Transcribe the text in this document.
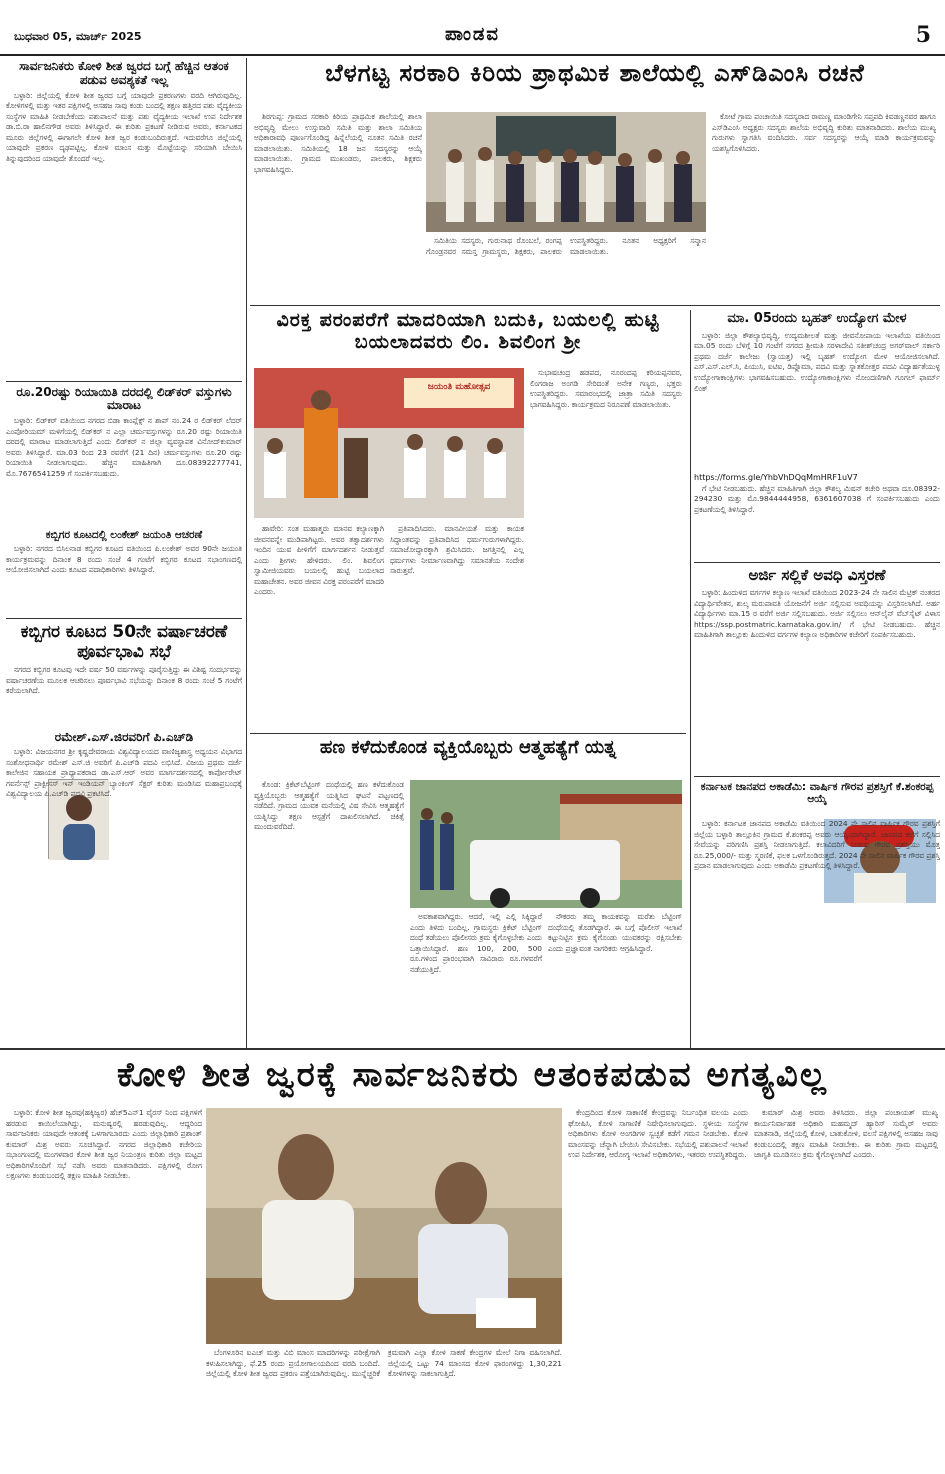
ಬುಧವಾರ 05, ಮಾರ್ಚ್ 2025	ಪಾಂಡವ	5
ಸಾರ್ವಜನಿಕರು ಕೋಳಿ ಶೀತ ಜ್ವರದ ಬಗ್ಗೆ ಹೆಚ್ಚಿನ ಆತಂಕ ಪಡುವ ಅವಶ್ಯಕತೆ ಇಲ್ಲ

ಬಳ್ಳಾರಿ: ಜಿಲ್ಲೆಯಲ್ಲಿ ಕೋಳಿ ಶೀತ ಜ್ವರದ ಬಗ್ಗೆ ಯಾವುದೇ ಪ್ರಕರಣಗಳು ವರದಿ ಆಗಿರುವುದಿಲ್ಲ. ಕೋಳಿಗಳಲ್ಲಿ ಮತ್ತು ಇತರ ಪಕ್ಷಿಗಳಲ್ಲಿ ಅಸಹಜ ಸಾವು ಕಂಡು ಬಂದಲ್ಲಿ ತಕ್ಷಣ ಹತ್ತಿರದ ಪಶು ವೈದ್ಯಕೀಯ ಸಂಸ್ಥೆಗಳ ಮಾಹಿತಿ ನೀಡಬೇಕೆಂದು ಪಶುಪಾಲನೆ ಮತ್ತು ಪಶು ವೈದ್ಯಕೀಯ ಇಲಾಖೆ ಉಪ ನಿರ್ದೇಶಕ ಡಾ.ಬಿ.ರಾ ಹಾಲಿನಗೌಡ ಅವರು ತಿಳಿಸಿದ್ದಾರೆ. ಈ ಕುರಿತು ಪ್ರಕಟಣೆ ನೀಡಿರುವ ಅವರು, ಕರ್ನಾಟಕದ ಮೂರು ಜಿಲ್ಲೆಗಳಲ್ಲಿ ಈಗಾಗಲೇ ಕೋಳಿ ಶೀತ ಜ್ವರ ಕಂಡುಬಂದಿರುತ್ತದೆ. ಇದುವರೆಗೂ ಜಿಲ್ಲೆಯಲ್ಲಿ ಯಾವುದೇ ಪ್ರಕರಣ ದೃಢಪಟ್ಟಿಲ್ಲ. ಕೋಳಿ ಮಾಂಸ ಮತ್ತು ಮೊಟ್ಟೆಯನ್ನು ಸರಿಯಾಗಿ ಬೇಯಿಸಿ ತಿನ್ನುವುದರಿಂದ ಯಾವುದೇ ತೊಂದರೆ ಇಲ್ಲ.

ರೂ.20ರಷ್ಟು ರಿಯಾಯಿತಿ ದರದಲ್ಲಿ ಲಿಡ್‌ಕರ್ ವಸ್ತುಗಳು ಮಾರಾಟ

ಬಳ್ಳಾರಿ: ಲಿಡ್‌ಕರ್ ವತಿಯಿಂದ ನಗರದ ಬಿಡಾ ಕಾಂಪ್ಲೆಕ್ಸ್ ನ ಶಾಪ್ ನಂ.24 ರ ಲಿಡ್‌ಕರ್ ಲೆದರ್ ಎಂಪೋರಿಯಮ್ ಮಳಿಗೆಯಲ್ಲಿ ಲಿಡ್‌ಕರ್ ನ ಎಲ್ಲಾ ಚರ್ಮವಸ್ತುಗಳನ್ನು ರೂ.20 ರಷ್ಟು ರಿಯಾಯಿತಿ ದರದಲ್ಲಿ ಮಾರಾಟ ಮಾಡಲಾಗುತ್ತಿದೆ ಎಂದು ಲಿಡ್‌ಕರ್ ನ ಜಿಲ್ಲಾ ವ್ಯವಸ್ಥಾಪಕ ವಿನೋದ್‌ಕುಮಾರ್ ಅವರು ತಿಳಿಸಿದ್ದಾರೆ. ಮಾ.03 ರಿಂದ 23 ರವರೆಗೆ (21 ದಿನ) ಚರ್ಮವಸ್ತುಗಳು ರೂ.20 ರಷ್ಟು ರಿಯಾಯಿತಿ ನೀಡಲಾಗುವುದು. ಹೆಚ್ಚಿನ ಮಾಹಿತಿಗಾಗಿ ದೂ.08392277741, ಮೊ.7676541259 ಗೆ ಸಂಪರ್ಕಿಸಬಹುದು.

ಕಬ್ಬಿಗರ ಕೂಟದಲ್ಲಿ ಲಂಕೇಶ್ ಜಯಂತಿ ಆಚರಣೆ

ಬಳ್ಳಾರಿ: ನಗರದ ಬಿಸಿಲನಾಡ ಕಬ್ಬಿಗರ ಕೂಟದ ವತಿಯಿಂದ ಪಿ.ಲಂಕೇಶ್ ಅವರ 90ನೇ ಜಯಂತಿ ಕಾರ್ಯಕ್ರಮವನ್ನು ದಿನಾಂಕ 8 ರಂದು ಸಂಜೆ 4 ಗಂಟೆಗೆ ಕಬ್ಬಿಗರ ಕೂಟದ ಸಭಾಂಗಣದಲ್ಲಿ ಆಯೋಜಿಸಲಾಗಿದೆ ಎಂದು ಕೂಟದ ಪದಾಧಿಕಾರಿಗಳು ತಿಳಿಸಿದ್ದಾರೆ.

ಕಬ್ಬಿಗರ ಕೂಟದ 50ನೇ ವರ್ಷಾಚರಣೆ ಪೂರ್ವಭಾವಿ ಸಭೆ

ನಗರದ ಕಬ್ಬಿಗರ ಕೂಟವು ಇದೇ ವರ್ಷ 50 ವರ್ಷಗಳನ್ನು ಪೂರೈಸುತ್ತಿದ್ದು ಈ ವಿಶಿಷ್ಟ ಸಂದರ್ಭವನ್ನು ವರ್ಷಾಚರಣೆಯ ಮೂಲಕ ಆಚರಿಸಲು ಪೂರ್ವಭಾವಿ ಸಭೆಯನ್ನು ದಿನಾಂಕ 8 ರಂದು ಸಂಜೆ 5 ಗಂಟೆಗೆ ಕರೆಯಲಾಗಿದೆ.

ರಮೇಶ್.ಎಸ್.ಜಿರವರಿಗೆ ಪಿ.ಎಚ್‌ಡಿ

ಬಳ್ಳಾರಿ: ವಿಜಯನಗರ ಶ್ರೀ ಕೃಷ್ಣದೇವರಾಯ ವಿಶ್ವವಿದ್ಯಾಲಯದ ವಾಣಿಜ್ಯಶಾಸ್ತ್ರ ಅಧ್ಯಯನ ವಿಭಾಗದ ಸಂಶೋಧನಾರ್ಥಿ ರಮೇಶ್ ಎಸ್.ಜಿ ಅವರಿಗೆ ಪಿ.ಎಚ್‌ಡಿ ಪದವಿ ಲಭಿಸಿದೆ. ವಿಜಯ ಪ್ರಥಮ ದರ್ಜೆ ಕಾಲೇಜಿನ ಸಹಾಯಕ ಪ್ರಾಧ್ಯಾಪಕರಾದ ಡಾ.ಎಸ್.ಆರ್ ಅವರ ಮಾರ್ಗದರ್ಶನದಲ್ಲಿ ಕಾರ್ಪೋರೇಟ್ ಗವರ್ನೆನ್ಸ್ ಪ್ರಾಕ್ಟೀಸಸ್ ಇನ್ ಇಂಡಿಯನ್ ಬ್ಯಾಂಕಿಂಗ್ ಸೆಕ್ಟರ್ ಕುರಿತು ಮಂಡಿಸಿದ ಮಹಾಪ್ರಬಂಧಕ್ಕೆ ವಿಶ್ವವಿದ್ಯಾಲಯ ಪಿ.ಎಚ್‌ಡಿ ಪದವಿ ಪ್ರಕಟಿಸಿದೆ.

ಬೆಳಗಟ್ಟ ಸರಕಾರಿ ಕಿರಿಯ ಪ್ರಾಥಮಿಕ ಶಾಲೆಯಲ್ಲಿ ಎಸ್‌ಡಿಎಂಸಿ ರಚನೆ

ಶಿರಗುಪ್ಪ: ಗ್ರಾಮದ ಸರಕಾರಿ ಕಿರಿಯ ಪ್ರಾಥಮಿಕ ಶಾಲೆಯಲ್ಲಿ ಶಾಲಾ ಅಭಿವೃದ್ಧಿ ಮೇಲು ಉಸ್ತುವಾರಿ ಸಮಿತಿ ಮತ್ತು ಶಾಲಾ ಸಮಿತಿಯ ಅಧಿಕಾರಾವಧಿ ಪೂರ್ಣಗೊಂಡಿದ್ದ ಹಿನ್ನೆಲೆಯಲ್ಲಿ ನೂತನ ಸಮಿತಿ ರಚನೆ ಮಾಡಲಾಯಿತು. ಸಮಿತಿಯಲ್ಲಿ 18 ಜನ ಸದಸ್ಯರನ್ನು ಆಯ್ಕೆ ಮಾಡಲಾಯಿತು. ಗ್ರಾಮದ ಮುಖಂಡರು, ಪಾಲಕರು, ಶಿಕ್ಷಕರು ಭಾಗವಹಿಸಿದ್ದರು.

ಸಮಿತಿಯ ಸದಸ್ಯರು, ಗುರುನಾಥ ರೊಂಬಲೆ, ರಂಗಪ್ಪ ಗೊಂಡ್ರನವರ ಸಮಸ್ತ ಗ್ರಾಮಸ್ಥರು, ಶಿಕ್ಷಕರು, ಪಾಲಕರು ಉಪಸ್ಥಿತರಿದ್ದರು. ನೂತನ ಅಧ್ಯಕ್ಷರಿಗೆ ಸನ್ಮಾನ ಮಾಡಲಾಯಿತು.

ಕೋಟೆ ಗ್ರಾಮ ಪಂಚಾಯಿತಿ ಸದಸ್ಯರಾದ ರಾಮಣ್ಣ ಮಾಂಡಿಗೇನಿ ಸಪ್ತಪದಿ ಕಿವಡಣ್ಣನವರ ಹಾಗೂ ಎಸ್‌ಡಿಎಂಸಿ ಅಧ್ಯಕ್ಷರು ಸದಸ್ಯರು ಶಾಲೆಯ ಅಭಿವೃದ್ಧಿ ಕುರಿತು ಮಾತನಾಡಿದರು. ಶಾಲೆಯ ಮುಖ್ಯ ಗುರುಗಳು ಸ್ವಾಗತಿಸಿ ವಂದಿಸಿದರು. ಸರ್ವ ಸದಸ್ಯರನ್ನು ಆಯ್ಕೆ ಮಾಡಿ ಕಾರ್ಯಕ್ರಮವನ್ನು ಯಶಸ್ವಿಗೊಳಿಸಿದರು.

ವಿರಕ್ತ ಪರಂಪರೆಗೆ ಮಾದರಿಯಾಗಿ ಬದುಕಿ, ಬಯಲಲ್ಲಿ ಹುಟ್ಟಿ ಬಯಲಾದವರು ಲಿಂ. ಶಿವಲಿಂಗ ಶ್ರೀ
ಜಯಂತಿ ಮಹೋತ್ಸವ

ಸುಭಾಷಚಂದ್ರ ಹಡಪದ, ನೂರಂದಪ್ಪ ಕರಿಯಪ್ಪನವರ, ಲಿಂಗರಾಜ ಅಂಗಡಿ ಸೇರಿದಂತೆ ಅನೇಕ ಗಣ್ಯರು, ಭಕ್ತರು ಉಪಸ್ಥಿತರಿದ್ದರು. ಸಮಾರಂಭದಲ್ಲಿ ಜಾತ್ರಾ ಸಮಿತಿ ಸದಸ್ಯರು ಭಾಗವಹಿಸಿದ್ದರು. ಕಾರ್ಯಕ್ರಮದ ನಿರೂಪಣೆ ಮಾಡಲಾಯಿತು.

ಹಾವೇರಿ: ಸಂತ ಮಹಾತ್ಮರು ಮಾನವ ಕಲ್ಯಾಣಕ್ಕಾಗಿ ಜೀವನವನ್ನೇ ಮುಡಿಪಾಗಿಟ್ಟರು. ಅವರ ತತ್ವಾದರ್ಶಗಳು ಇಂದಿನ ಯುವ ಪೀಳಿಗೆಗೆ ಮಾರ್ಗದರ್ಶನ ನೀಡುತ್ತವೆ ಎಂದು ಶ್ರೀಗಳು ಹೇಳಿದರು. ಲಿಂ. ಶಿವಲಿಂಗ ಸ್ವಾಮೀಜಿಯವರು ಬಯಲಲ್ಲಿ ಹುಟ್ಟಿ ಬಯಲಾದ ಮಹಾಚೇತನ. ಅವರ ಜೀವನ ವಿರಕ್ತ ಪರಂಪರೆಗೆ ಮಾದರಿ ಎಂದರು.

ಪ್ರತಿಪಾದಿಸಿದರು. ಮಾನವೀಯತೆ ಮತ್ತು ಕಾಯಕ ಸಿದ್ಧಾಂತವನ್ನು ಪ್ರತಿಪಾದಿಸಿದ ಧರ್ಮಗುರುಗಳಾಗಿದ್ದರು. ಸಮಾಜೋದ್ಧಾರಕ್ಕಾಗಿ ಶ್ರಮಿಸಿದರು. ಜಗತ್ತಿನಲ್ಲಿ ಎಲ್ಲ ಧರ್ಮಗಳು ನೀರ್ಮಾಣವಾಗಿದ್ದು ಸಮಾನತೆಯ ಸಂದೇಶ ಸಾರುತ್ತವೆ.

ಮಾ. 05ರಂದು ಬೃಹತ್ ಉದ್ಯೋಗ ಮೇಳ

ಬಳ್ಳಾರಿ: ಜಿಲ್ಲಾ ಕೌಶಲ್ಯಾಭಿವೃದ್ಧಿ, ಉದ್ಯಮಶೀಲತೆ ಮತ್ತು ಜೀವನೋಪಾಯ ಇಲಾಖೆಯ ವತಿಯಿಂದ ಮಾ.05 ರಂದು ಬೆಳಿಗ್ಗೆ 10 ಗಂಟೆಗೆ ನಗರದ ಶ್ರೀಮತಿ ಸರಳಾದೇವಿ ಸತೀಶ್‌ಚಂದ್ರ ಅಗರ್‌ವಾಲ್ ಸರ್ಕಾರಿ ಪ್ರಥಮ ದರ್ಜೆ ಕಾಲೇಜು (ಸ್ವಾಯತ್ತ) ಇಲ್ಲಿ ಬೃಹತ್ ಉದ್ಯೋಗ ಮೇಳ ಆಯೋಜಿಸಲಾಗಿದೆ. ಎಸ್.ಎಸ್.ಎಲ್.ಸಿ, ಪಿಯುಸಿ, ಐಟಿಐ, ಡಿಪ್ಲೊಮಾ, ಪದವಿ ಮತ್ತು ಸ್ನಾತಕೋತ್ತರ ಪದವಿ ವಿದ್ಯಾರ್ಹತೆಯುಳ್ಳ ಉದ್ಯೋಗಾಕಾಂಕ್ಷಿಗಳು ಭಾಗವಹಿಸಬಹುದು. ಉದ್ಯೋಗಾಕಾಂಕ್ಷಿಗಳು ನೋಂದಣಿಗಾಗಿ ಗೂಗಲ್ ಫಾರ್ಮ್ ಲಿಂಕ್

https://forms.gle/YhbVhDQqMmHRF1uV7

ಗೆ ಭೇಟಿ ನೀಡಬಹುದು. ಹೆಚ್ಚಿನ ಮಾಹಿತಿಗಾಗಿ ಜಿಲ್ಲಾ ಕೌಶಲ್ಯ ಮಿಷನ್ ಕಚೇರಿ ಅಥವಾ ದೂ.08392-294230 ಮತ್ತು ಮೊ.9844444958, 6361607038 ಗೆ ಸಂಪರ್ಕಿಸಬಹುದು ಎಂದು ಪ್ರಕಟಣೆಯಲ್ಲಿ ತಿಳಿಸಿದ್ದಾರೆ.

ಅರ್ಜಿ ಸಲ್ಲಿಕೆ ಅವಧಿ ವಿಸ್ತರಣೆ

ಬಳ್ಳಾರಿ: ಹಿಂದುಳಿದ ವರ್ಗಗಳ ಕಲ್ಯಾಣ ಇಲಾಖೆ ವತಿಯಿಂದ 2023-24 ನೇ ಸಾಲಿನ ಮೆಟ್ರಿಕ್ ನಂತರದ ವಿದ್ಯಾರ್ಥಿವೇತನ, ಶುಲ್ಕ ಮರುಪಾವತಿ ಯೋಜನೆಗೆ ಅರ್ಜಿ ಸಲ್ಲಿಸುವ ಅವಧಿಯನ್ನು ವಿಸ್ತರಿಸಲಾಗಿದೆ. ಅರ್ಹ ವಿದ್ಯಾರ್ಥಿಗಳು ಮಾ.15 ರ ವರೆಗೆ ಅರ್ಜಿ ಸಲ್ಲಿಸಬಹುದು. ಅರ್ಜಿ ಸಲ್ಲಿಸಲು ಆನ್‌ಲೈನ್ ವೆಬ್‌ಸೈಟ್ ವಿಳಾಸ https://ssp.postmatric.karnataka.gov.in/ ಗೆ ಭೇಟಿ ನೀಡಬಹುದು. ಹೆಚ್ಚಿನ ಮಾಹಿತಿಗಾಗಿ ತಾಲ್ಲೂಕು ಹಿಂದುಳಿದ ವರ್ಗಗಳ ಕಲ್ಯಾಣ ಅಧಿಕಾರಿಗಳ ಕಚೇರಿಗೆ ಸಂಪರ್ಕಿಸಬಹುದು.

ಕರ್ನಾಟಕ ಜಾನಪದ ಅಕಾಡೆಮಿ: ವಾರ್ಷಿಕ ಗೌರವ ಪ್ರಶಸ್ತಿಗೆ ಕೆ.ಶಂಕರಪ್ಪ ಆಯ್ಕೆ

ಬಳ್ಳಾರಿ: ಕರ್ನಾಟಕ ಜಾನಪದ ಅಕಾಡೆಮಿ ವತಿಯಿಂದ 2024 ನೇ ಸಾಲಿನ ವಾರ್ಷಿಕ ಗೌರವ ಪ್ರಶಸ್ತಿಗೆ ಜಿಲ್ಲೆಯ ಬಳ್ಳಾರಿ ತಾಲ್ಲೂಕಿನ ಗ್ರಾಮದ ಕೆ.ಶಂಕರಪ್ಪ ಅವರು ಆಯ್ಕೆಯಾಗಿದ್ದಾರೆ. ಜಾನಪದ ಕಲೆಗೆ ಸಲ್ಲಿಸಿದ ಸೇವೆಯನ್ನು ಪರಿಗಣಿಸಿ ಪ್ರಶಸ್ತಿ ನೀಡಲಾಗುತ್ತಿದೆ. ಕಲಾವಿದರಿಗೆ ನೀಡುವ ಗೌರವ ಪ್ರಶಸ್ತಿಯು ಮೊತ್ತ ರೂ.25,000/- ಮತ್ತು ಸ್ಮರಣಿಕೆ, ಫಲಕ ಒಳಗೊಂಡಿರುತ್ತದೆ. 2024 ನೇ ಸಾಲಿನ ವಾರ್ಷಿಕ ಗೌರವ ಪ್ರಶಸ್ತಿ ಪ್ರದಾನ ಮಾಡಲಾಗುವುದು ಎಂದು ಅಕಾಡೆಮಿ ಪ್ರಕಟಣೆಯಲ್ಲಿ ತಿಳಿಸಿದ್ದಾರೆ.

ಹಣ ಕಳೆದುಕೊಂಡ ವ್ಯಕ್ತಿಯೊಬ್ಬರು ಆತ್ಮಹತ್ಯೆಗೆ ಯತ್ನ

ಕೊಂಡ: ಕ್ರಿಕೆಟ್‌ಬೆಟ್ಟಿಂಗ್ ದಂಧೆಯಲ್ಲಿ ಹಣ ಕಳೆದುಕೊಂಡ ವ್ಯಕ್ತಿಯೊಬ್ಬರು ಆತ್ಮಹತ್ಯೆಗೆ ಯತ್ನಿಸಿದ ಘಟನೆ ಪಟ್ಟಣದಲ್ಲಿ ನಡೆದಿದೆ. ಗ್ರಾಮದ ಯುವಕ ಮನೆಯಲ್ಲಿ ವಿಷ ಸೇವಿಸಿ ಆತ್ಮಹತ್ಯೆಗೆ ಯತ್ನಿಸಿದ್ದು ತಕ್ಷಣ ಆಸ್ಪತ್ರೆಗೆ ದಾಖಲಿಸಲಾಗಿದೆ. ಚಿಕಿತ್ಸೆ ಮುಂದುವರೆದಿದೆ.

ಅವಕಾಶವಾಗಿದ್ದರು. ಆದರೆ, ಇಲ್ಲಿ ಎಲ್ಲಿ ಸಿಕ್ಕಿದ್ದಾರೆ ಎಂದು ತಿಳಿದು ಬಂದಿಲ್ಲ. ಗ್ರಾಮಸ್ಥರು ಕ್ರಿಕೆಟ್ ಬೆಟ್ಟಿಂಗ್ ದಂಧೆ ತಡೆಯಲು ಪೊಲೀಸರು ಕ್ರಮ ಕೈಗೊಳ್ಳಬೇಕು ಎಂದು ಒತ್ತಾಯಿಸಿದ್ದಾರೆ. ಹಣ 100, 200, 500 ರೂ.ಗಳಿಂದ ಪ್ರಾರಂಭವಾಗಿ ಸಾವಿರಾರು ರೂ.ಗಳವರೆಗೆ ನಡೆಯುತ್ತಿದೆ.

ನೌಕರರು ತಮ್ಮ ಕಾಯಕವನ್ನು ಮರೆತು ಬೆಟ್ಟಿಂಗ್ ದಂಧೆಯಲ್ಲಿ ತೊಡಗಿದ್ದಾರೆ. ಈ ಬಗ್ಗೆ ಪೊಲೀಸ್ ಇಲಾಖೆ ಕಟ್ಟುನಿಟ್ಟಿನ ಕ್ರಮ ಕೈಗೊಂಡು ಯುವಕರನ್ನು ರಕ್ಷಿಸಬೇಕು ಎಂದು ಪ್ರಜ್ಞಾವಂತ ನಾಗರಿಕರು ಆಗ್ರಹಿಸಿದ್ದಾರೆ.

ಕೋಳಿ ಶೀತ ಜ್ವರಕ್ಕೆ ಸಾರ್ವಜನಿಕರು ಆತಂಕಪಡುವ ಅಗತ್ಯವಿಲ್ಲ

ಬಳ್ಳಾರಿ: ಕೋಳಿ ಶೀತ ಜ್ವರವು(ಹಕ್ಕಿಜ್ವರ) ಹೆಚ್5ಎನ್1 ವೈರಸ್ ನಿಂದ ಪಕ್ಷಿಗಳಿಗೆ ಹರಡುವ ಕಾಯಿಲೆಯಾಗಿದ್ದು, ಮನುಷ್ಯರಲ್ಲಿ ಹರಡುವುದಿಲ್ಲ. ಆದ್ದರಿಂದ ಸಾರ್ವಜನಿಕರು ಯಾವುದೇ ಆತಂಕಕ್ಕೆ ಒಳಗಾಗಬಾರದು ಎಂದು ಜಿಲ್ಲಾಧಿಕಾರಿ ಪ್ರಶಾಂತ್ ಕುಮಾರ್ ಮಿಶ್ರ ಅವರು ಸೂಚಿಸಿದ್ದಾರೆ. ನಗರದ ಜಿಲ್ಲಾಧಿಕಾರಿ ಕಚೇರಿಯ ಸಭಾಂಗಣದಲ್ಲಿ ಮಂಗಳವಾರ ಕೋಳಿ ಶೀತ ಜ್ವರ ನಿಯಂತ್ರಣ ಕುರಿತು ಜಿಲ್ಲಾ ಮಟ್ಟದ ಅಧಿಕಾರಿಗಳೊಂದಿಗೆ ಸಭೆ ನಡೆಸಿ ಅವರು ಮಾತನಾಡಿದರು. ಪಕ್ಷಿಗಳಲ್ಲಿ ರೋಗ ಲಕ್ಷಣಗಳು ಕಂಡುಬಂದಲ್ಲಿ ತಕ್ಷಣ ಮಾಹಿತಿ ನೀಡಬೇಕು.

ಬೆಂಗಳೂರಿನ ಐಎಚ್ ಮತ್ತು ವಿಬಿ ಮಾಂಸ ಮಾದರಿಗಳನ್ನು ಪರೀಕ್ಷೆಗಾಗಿ ಕಳುಹಿಸಲಾಗಿದ್ದು, ಫೆ.25 ರಂದು ಪ್ರಯೋಗಾಲಯದಿಂದ ವರದಿ ಬಂದಿದೆ. ಜಿಲ್ಲೆಯಲ್ಲಿ ಕೋಳಿ ಶೀತ ಜ್ವರದ ಪ್ರಕರಣ ಪತ್ತೆಯಾಗಿರುವುದಿಲ್ಲ. ಮುನ್ನೆಚ್ಚರಿಕೆ ಕ್ರಮವಾಗಿ ಎಲ್ಲಾ ಕೋಳಿ ಸಾಕಣೆ ಕೇಂದ್ರಗಳ ಮೇಲೆ ನಿಗಾ ವಹಿಸಲಾಗಿದೆ. ಜಿಲ್ಲೆಯಲ್ಲಿ ಒಟ್ಟು 74 ಮಾಂಸದ ಕೋಳಿ ಫಾರಂಗಳಿದ್ದು 1,30,221 ಕೋಳಿಗಳನ್ನು ಸಾಕಲಾಗುತ್ತಿದೆ.

ಕೇಂದ್ರದಿಂದ ಕೋಳಿ ಸಾಕಾಣಿಕೆ ಕೇಂದ್ರವನ್ನು ನಿರ್ಬಂಧಿತ ವಲಯ ಎಂದು ಘೋಷಿಸಿ, ಕೋಳಿ ಸಾಗಾಣಿಕೆ ನಿಷೇಧಿಸಲಾಗುವುದು. ಸ್ಥಳೀಯ ಸಂಸ್ಥೆಗಳ ಅಧಿಕಾರಿಗಳು ಕೋಳಿ ಅಂಗಡಿಗಳ ಸ್ವಚ್ಛತೆ ಕಡೆಗೆ ಗಮನ ನೀಡಬೇಕು. ಕೋಳಿ ಮಾಂಸವನ್ನು ಚೆನ್ನಾಗಿ ಬೇಯಿಸಿ ಸೇವಿಸಬೇಕು. ಸಭೆಯಲ್ಲಿ ಪಶುಪಾಲನೆ ಇಲಾಖೆ ಉಪ ನಿರ್ದೇಶಕ, ಆರೋಗ್ಯ ಇಲಾಖೆ ಅಧಿಕಾರಿಗಳು, ಇತರರು ಉಪಸ್ಥಿತರಿದ್ದರು.

ಕುಮಾರ್ ಮಿಶ್ರ ಅವರು ತಿಳಿಸಿದರು. ಜಿಲ್ಲಾ ಪಂಚಾಯತ್ ಮುಖ್ಯ ಕಾರ್ಯನಿರ್ವಾಹಕ ಅಧಿಕಾರಿ ಮಹಮ್ಮದ್ ಹ್ಯಾರಿಸ್ ಸುಮೈರ್ ಅವರು ಮಾತನಾಡಿ, ಜಿಲ್ಲೆಯಲ್ಲಿ ಕೋಳಿ, ಬಾತುಕೋಳಿ, ವಲಸೆ ಪಕ್ಷಿಗಳಲ್ಲಿ ಅಸಹಜ ಸಾವು ಕಂಡುಬಂದಲ್ಲಿ ತಕ್ಷಣ ಮಾಹಿತಿ ನೀಡಬೇಕು. ಈ ಕುರಿತು ಗ್ರಾಮ ಮಟ್ಟದಲ್ಲಿ ಜಾಗೃತಿ ಮೂಡಿಸಲು ಕ್ರಮ ಕೈಗೊಳ್ಳಲಾಗಿದೆ ಎಂದರು.
